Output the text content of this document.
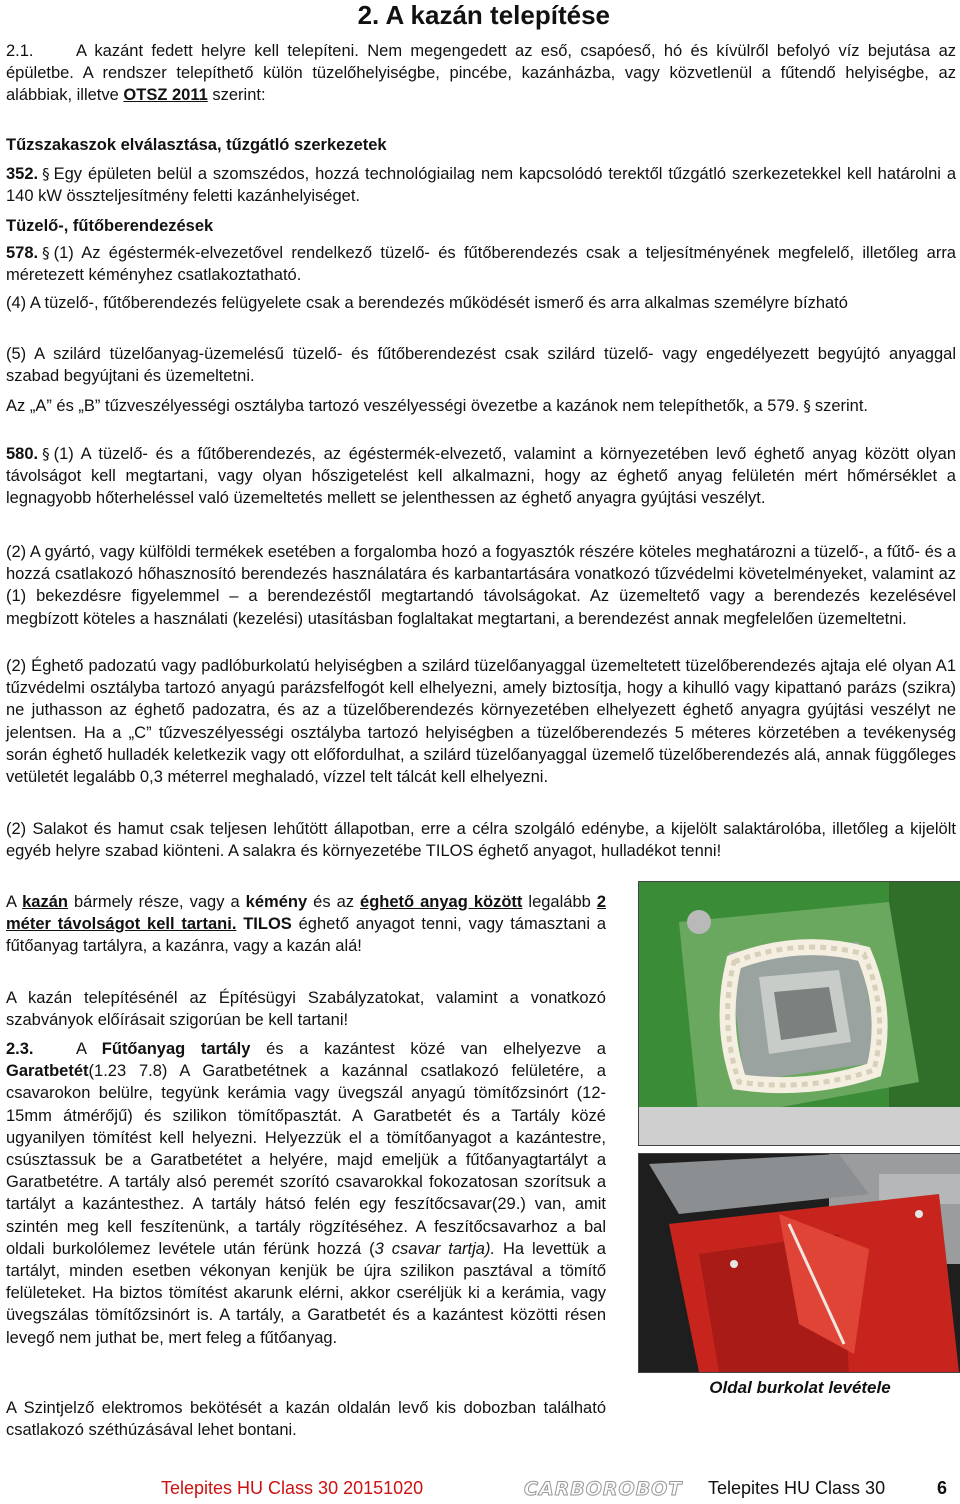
2. A kazán telepítése

2.1.	A kazánt fedett helyre kell telepíteni. Nem megengedett az eső, csapóeső, hó és kívülről befolyó víz bejutása az épületbe. A rendszer telepíthető külön tüzelőhelyiségbe, pincébe, kazánházba, vagy közvetlenül a fűtendő helyiségbe, az alábbiak, illetve OTSZ 2011 szerint:

Tűzszakaszok elválasztása, tűzgátló szerkezetek

352. § Egy épületen belül a szomszédos, hozzá technológiailag nem kapcsolódó terektől tűzgátló szerkezetekkel kell határolni a 140 kW összteljesítmény feletti kazánhelyiséget.

Tüzelő-, fűtőberendezések

578. § (1) Az égéstermék-elvezetővel rendelkező tüzelő- és fűtőberendezés csak a teljesítményének megfelelő, illetőleg arra méretezett kéményhez csatlakoztatható.

(4) A tüzelő-, fűtőberendezés felügyelete csak a berendezés működését ismerő és arra alkalmas személyre bízható

(5) A szilárd tüzelőanyag-üzemelésű tüzelő- és fűtőberendezést csak szilárd tüzelő- vagy engedélyezett begyújtó anyaggal szabad begyújtani és üzemeltetni.

Az „A” és „B” tűzveszélyességi osztályba tartozó veszélyességi övezetbe a kazánok nem telepíthetők, a 579. § szerint.

580. § (1) A tüzelő- és a fűtőberendezés, az égéstermék-elvezető, valamint a környezetében levő éghető anyag között olyan távolságot kell megtartani, vagy olyan hőszigetelést kell alkalmazni, hogy az éghető anyag felületén mért hőmérséklet a legnagyobb hőterheléssel való üzemeltetés mellett se jelenthessen az éghető anyagra gyújtási veszélyt.

(2) A gyártó, vagy külföldi termékek esetében a forgalomba hozó a fogyasztók részére köteles meghatározni a tüzelő-, a fűtő- és a hozzá csatlakozó hőhasznosító berendezés használatára és karbantartására vonatkozó tűzvédelmi követelményeket, valamint az (1) bekezdésre figyelemmel – a berendezéstől megtartandó távolságokat. Az üzemeltető vagy a berendezés kezelésével megbízott köteles a használati (kezelési) utasításban foglaltakat megtartani, a berendezést annak megfelelően üzemeltetni.

(2) Éghető padozatú vagy padlóburkolatú helyiségben a szilárd tüzelőanyaggal üzemeltetett tüzelőberendezés ajtaja elé olyan A1 tűzvédelmi osztályba tartozó anyagú parázsfelfogót kell elhelyezni, amely biztosítja, hogy a kihulló vagy kipattanó parázs (szikra) ne juthasson az éghető padozatra, és az a tüzelőberendezés környezetében elhelyezett éghető anyagra gyújtási veszélyt ne jelentsen. Ha a „C” tűzveszélyességi osztályba tartozó helyiségben a tüzelőberendezés 5 méteres körzetében a tevékenység során éghető hulladék keletkezik vagy ott előfordulhat, a szilárd tüzelőanyaggal üzemelő tüzelőberendezés alá, annak függőleges vetületét legalább 0,3 méterrel meghaladó, vízzel telt tálcát kell elhelyezni.

(2) Salakot és hamut csak teljesen lehűtött állapotban, erre a célra szolgáló edénybe, a kijelölt salaktárolóba, illetőleg a kijelölt egyéb helyre szabad kiönteni. A salakra és környezetébe TILOS éghető anyagot, hulladékot tenni!

A kazán bármely része, vagy a kémény és az éghető anyag között legalább 2 méter távolságot kell tartani. TILOS éghető anyagot tenni, vagy támasztani a fűtőanyag tartályra, a kazánra, vagy a kazán alá!

A kazán telepítésénél az Építésügyi Szabályzatokat, valamint a vonatkozó szabványok előírásait szigorúan be kell tartani!

2.3.	A Fűtőanyag tartály és a kazántest közé van elhelyezve a Garatbetét(1.23 7.8) A Garatbetétnek a kazánnal csatlakozó felületére, a csavarokon belülre, tegyünk kerámia vagy üvegszál anyagú tömítőzsinórt (12-15mm átmérőjű) és szilikon tömítőpasztát. A Garatbetét és a Tartály közé ugyanilyen tömítést kell helyezni. Helyezzük el a tömítőanyagot a kazántestre, csúsztassuk be a Garatbetétet a helyére, majd emeljük a fűtőanyagtartályt a Garatbetétre. A tartály alsó peremét szorító csavarokkal fokozatosan szorítsuk a tartályt a kazántesthez. A tartály hátsó felén egy feszítőcsavar(29.) van, amit szintén meg kell feszítenünk, a tartály rögzítéséhez. A feszítőcsavarhoz a bal oldali burkolólemez levétele után férünk hozzá (3 csavar tartja). Ha levettük a tartályt, minden esetben vékonyan kenjük be újra szilikon pasztával a tömítő felületeket. Ha biztos tömítést akarunk elérni, akkor cseréljük ki a kerámia, vagy üvegszálas tömítőzsinórt is. A tartály, a Garatbetét és a kazántest közötti résen levegő nem juthat be, mert feleg a fűtőanyag.

A Szintjelző elektromos bekötését a kazán oldalán levő kis dobozban található csatlakozó széthúzásával lehet bontani.

Oldal burkolat levétele
Telepites HU Class 30 20151020	CARBOROBOT Telepites HU Class 30	6
